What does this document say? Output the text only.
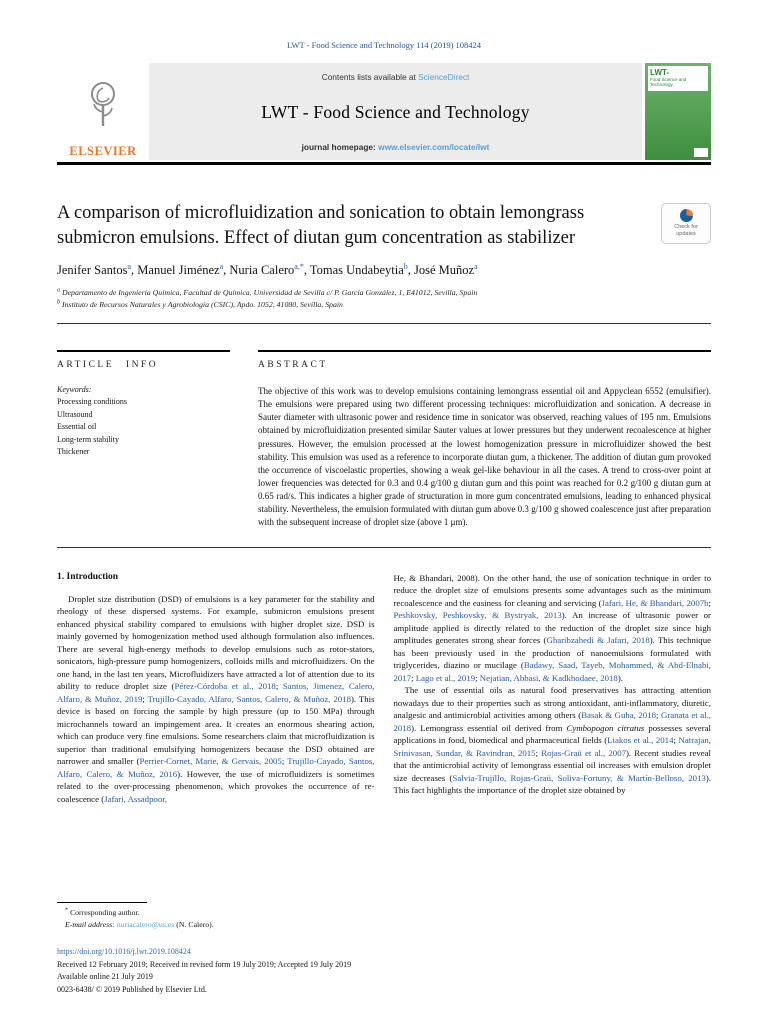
LWT - Food Science and Technology 114 (2019) 108424
ELSEVIER
Contents lists available at ScienceDirect
LWT - Food Science and Technology
journal homepage: www.elsevier.com/locate/lwt
LWT-
Food Science and Technology
A comparison of microfluidization and sonication to obtain lemongrass submicron emulsions. Effect of diutan gum concentration as stabilizer
Check for
updates
Jenifer Santos$^a$, Manuel Jiménez$^a$, Nuria Calero$^{a,*}$, Tomas Undabeytia$^b$, José Muñoz$^a$
$^a$ Departamento de Ingeniería Química, Facultad de Química, Universidad de Sevilla c/ P. García González, 1, E41012, Sevilla, Spain
$^b$ Instituto de Recursos Naturales y Agrobiología (CSIC), Apdo. 1052, 41080, Sevilla, Spain
ARTICLE INFO
Keywords:
Processing conditions
Ultrasound
Essential oil
Long-term stability
Thickener
ABSTRACT

The objective of this work was to develop emulsions containing lemongrass essential oil and Appyclean 6552 (emulsifier). The emulsions were prepared using two different processing techniques: microfluidization and sonication. A decrease in Sauter diameter with ultrasonic power and residence time in sonicator was observed, reaching values of 195 nm. Emulsions obtained by microfluidization presented similar Sauter values at lower pressures but they underwent recoalescence at higher pressures. However, the emulsion processed at the lowest homogenization pressure in microfluidizer showed the best stability. This emulsion was used as a reference to incorporate diutan gum, a thickener. The addition of diutan gum provoked the occurrence of viscoelastic properties, showing a weak gel-like behaviour in all the cases. A trend to cross-over point at lower frequencies was detected for 0.3 and 0.4 g/100 g diutan gum and this point was reached for 0.2 g/100 g diutan gum at 0.65 rad/s. This indicates a higher grade of structuration in more gum concentrated emulsions, leading to enhanced physical stability. Nevertheless, the emulsion formulated with diutan gum above 0.3 g/100 g showed coalescence just after preparation with the subsequent increase of droplet size (above 1 μm).

1. Introduction

Droplet size distribution (DSD) of emulsions is a key parameter for the stability and rheology of these dispersed systems. For example, submicron emulsions present enhanced physical stability compared to emulsions with higher droplet size. DSD is mainly governed by homogenization method used although formulation also influences. There are several high-energy methods to develop emulsions such as rotor-stators, sonicators, high-pressure pump homogenizers, colloids mills and microfluidizers. On the one hand, in the last ten years, Microfluidizers have attracted a lot of attention due to its ability to reduce droplet size (Pérez-Córdoba et al., 2018; Santos, Jimenez, Calero, Alfaro, & Muñoz, 2019; Trujillo-Cayado, Alfaro, Santos, Calero, & Muñoz, 2018). This device is based on forcing the sample by high pressure (up to 150 MPa) through microchannels toward an impingement area. It creates an enormous shearing action, which can produce very fine emulsions. Some researchers claim that microfluidization is superior than traditional emulsifying homogenizers because the DSD obtained are narrower and smaller (Perrier-Cornet, Marie, & Gervais, 2005; Trujillo-Cayado, Santos, Alfaro, Calero, & Muñoz, 2016). However, the use of microfluidizers is sometimes related to the over-processing phenomenon, which provokes the occurrence of re-coalescence (Jafari, Assadpoor,

He, & Bhandari, 2008). On the other hand, the use of sonication technique in order to reduce the droplet size of emulsions presents some advantages such as the minimum recoalescence and the easiness for cleaning and servicing (Jafari, He, & Bhandari, 2007b; Peshkovsky, Peshkovsky, & Bystryak, 2013). An increase of ultrasonic power or amplitude applied is directly related to the reduction of the droplet size since high amplitudes generates strong shear forces (Gharibzahedi & Jafari, 2018). This technique has been previously used in the production of nanoemulsions formulated with triglycerides, diazino or mucilage (Badawy, Saad, Tayeb, Mohammed, & Abd-Elnabi, 2017; Lago et al., 2019; Nejatian, Abbasi, & Kadkhodaee, 2018).

The use of essential oils as natural food preservatives has attracting attention nowadays due to their properties such as strong antioxidant, anti-inflammatory, diuretic, analgesic and antimicrobial activities among others (Basak & Guha, 2018; Granata et al., 2018). Lemongrass essential oil derived from Cymbopogon citratus possesses several applications in food, biomedical and pharmaceutical fields (Liakos et al., 2014; Natrajan, Srinivasan, Sundar, & Ravindran, 2015; Rojas-Graü et al., 2007). Recent studies reveal that the antimicrobial activity of lemongrass essential oil increases with emulsion droplet size decreases (Salvia-Trujillo, Rojas-Graü, Soliva-Fortuny, & Martín-Belloso, 2013). This fact highlights the importance of the droplet size obtained by

* Corresponding author.
E-mail address: nuriacalero@us.es (N. Calero).
https://doi.org/10.1016/j.lwt.2019.108424
Received 12 February 2019; Received in revised form 19 July 2019; Accepted 19 July 2019
Available online 21 July 2019
0023-6438/ © 2019 Published by Elsevier Ltd.
